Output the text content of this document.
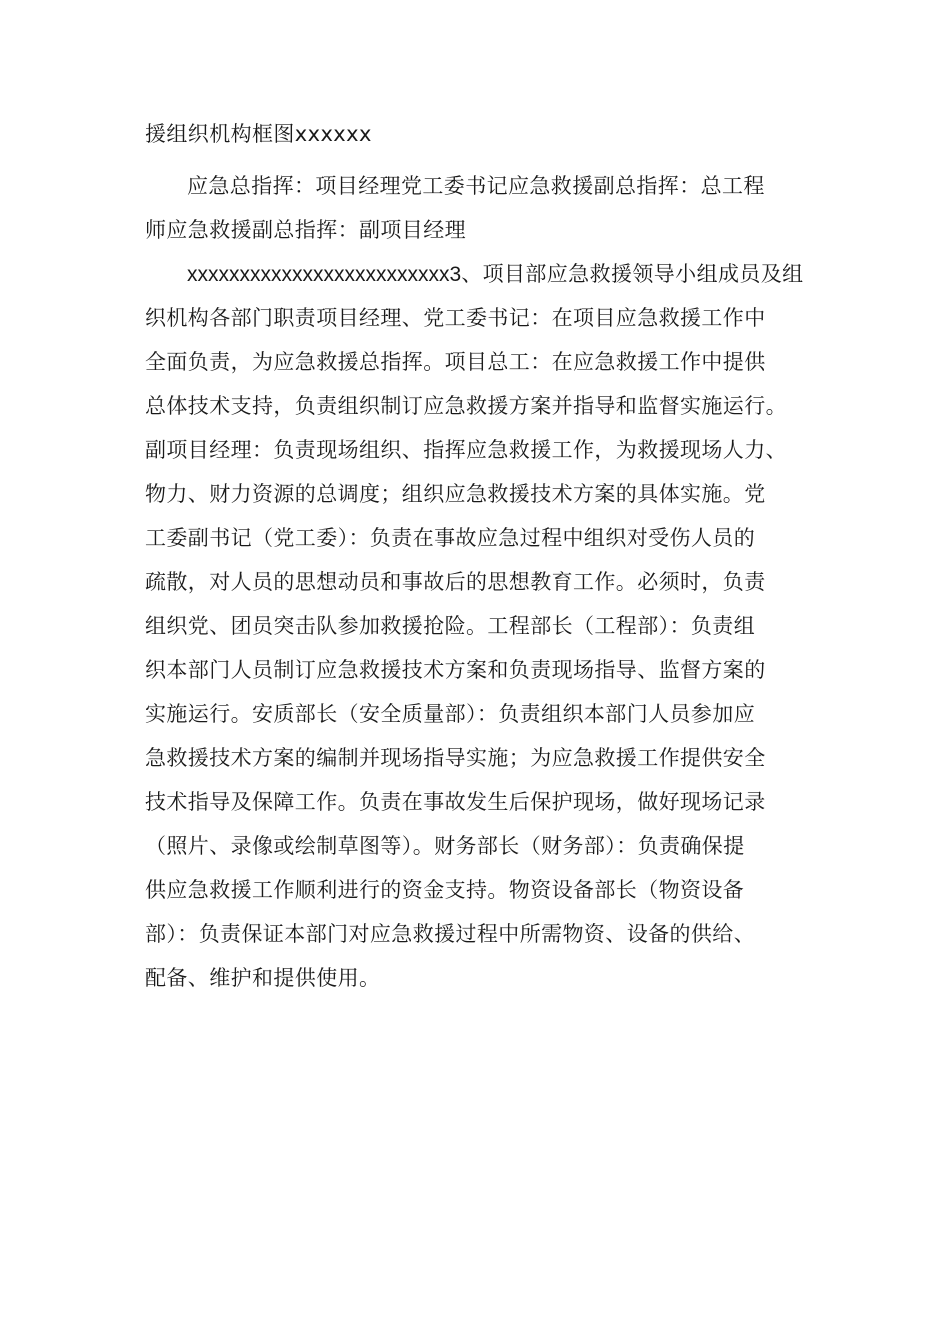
援组织机构框图xxxxxx
应急总指挥：项目经理党工委书记应急救援副总指挥：总工程
师应急救援副总指挥：副项目经理
xxxxxxxxxxxxxxxxxxxxxxxxx3、项目部应急救援领导小组成员及组
织机构各部门职责项目经理、党工委书记：在项目应急救援工作中
全面负责，为应急救援总指挥。项目总工：在应急救援工作中提供
总体技术支持，负责组织制订应急救援方案并指导和监督实施运行。
副项目经理：负责现场组织、指挥应急救援工作，为救援现场人力、
物力、财力资源的总调度；组织应急救援技术方案的具体实施。党
工委副书记（党工委）：负责在事故应急过程中组织对受伤人员的
疏散，对人员的思想动员和事故后的思想教育工作。必须时，负责
组织党、团员突击队参加救援抢险。工程部长（工程部）：负责组
织本部门人员制订应急救援技术方案和负责现场指导、监督方案的
实施运行。安质部长（安全质量部）：负责组织本部门人员参加应
急救援技术方案的编制并现场指导实施；为应急救援工作提供安全
技术指导及保障工作。负责在事故发生后保护现场，做好现场记录
（照片、录像或绘制草图等）。财务部长（财务部）：负责确保提
供应急救援工作顺利进行的资金支持。物资设备部长（物资设备
部）：负责保证本部门对应急救援过程中所需物资、设备的供给、
配备、维护和提供使用。
